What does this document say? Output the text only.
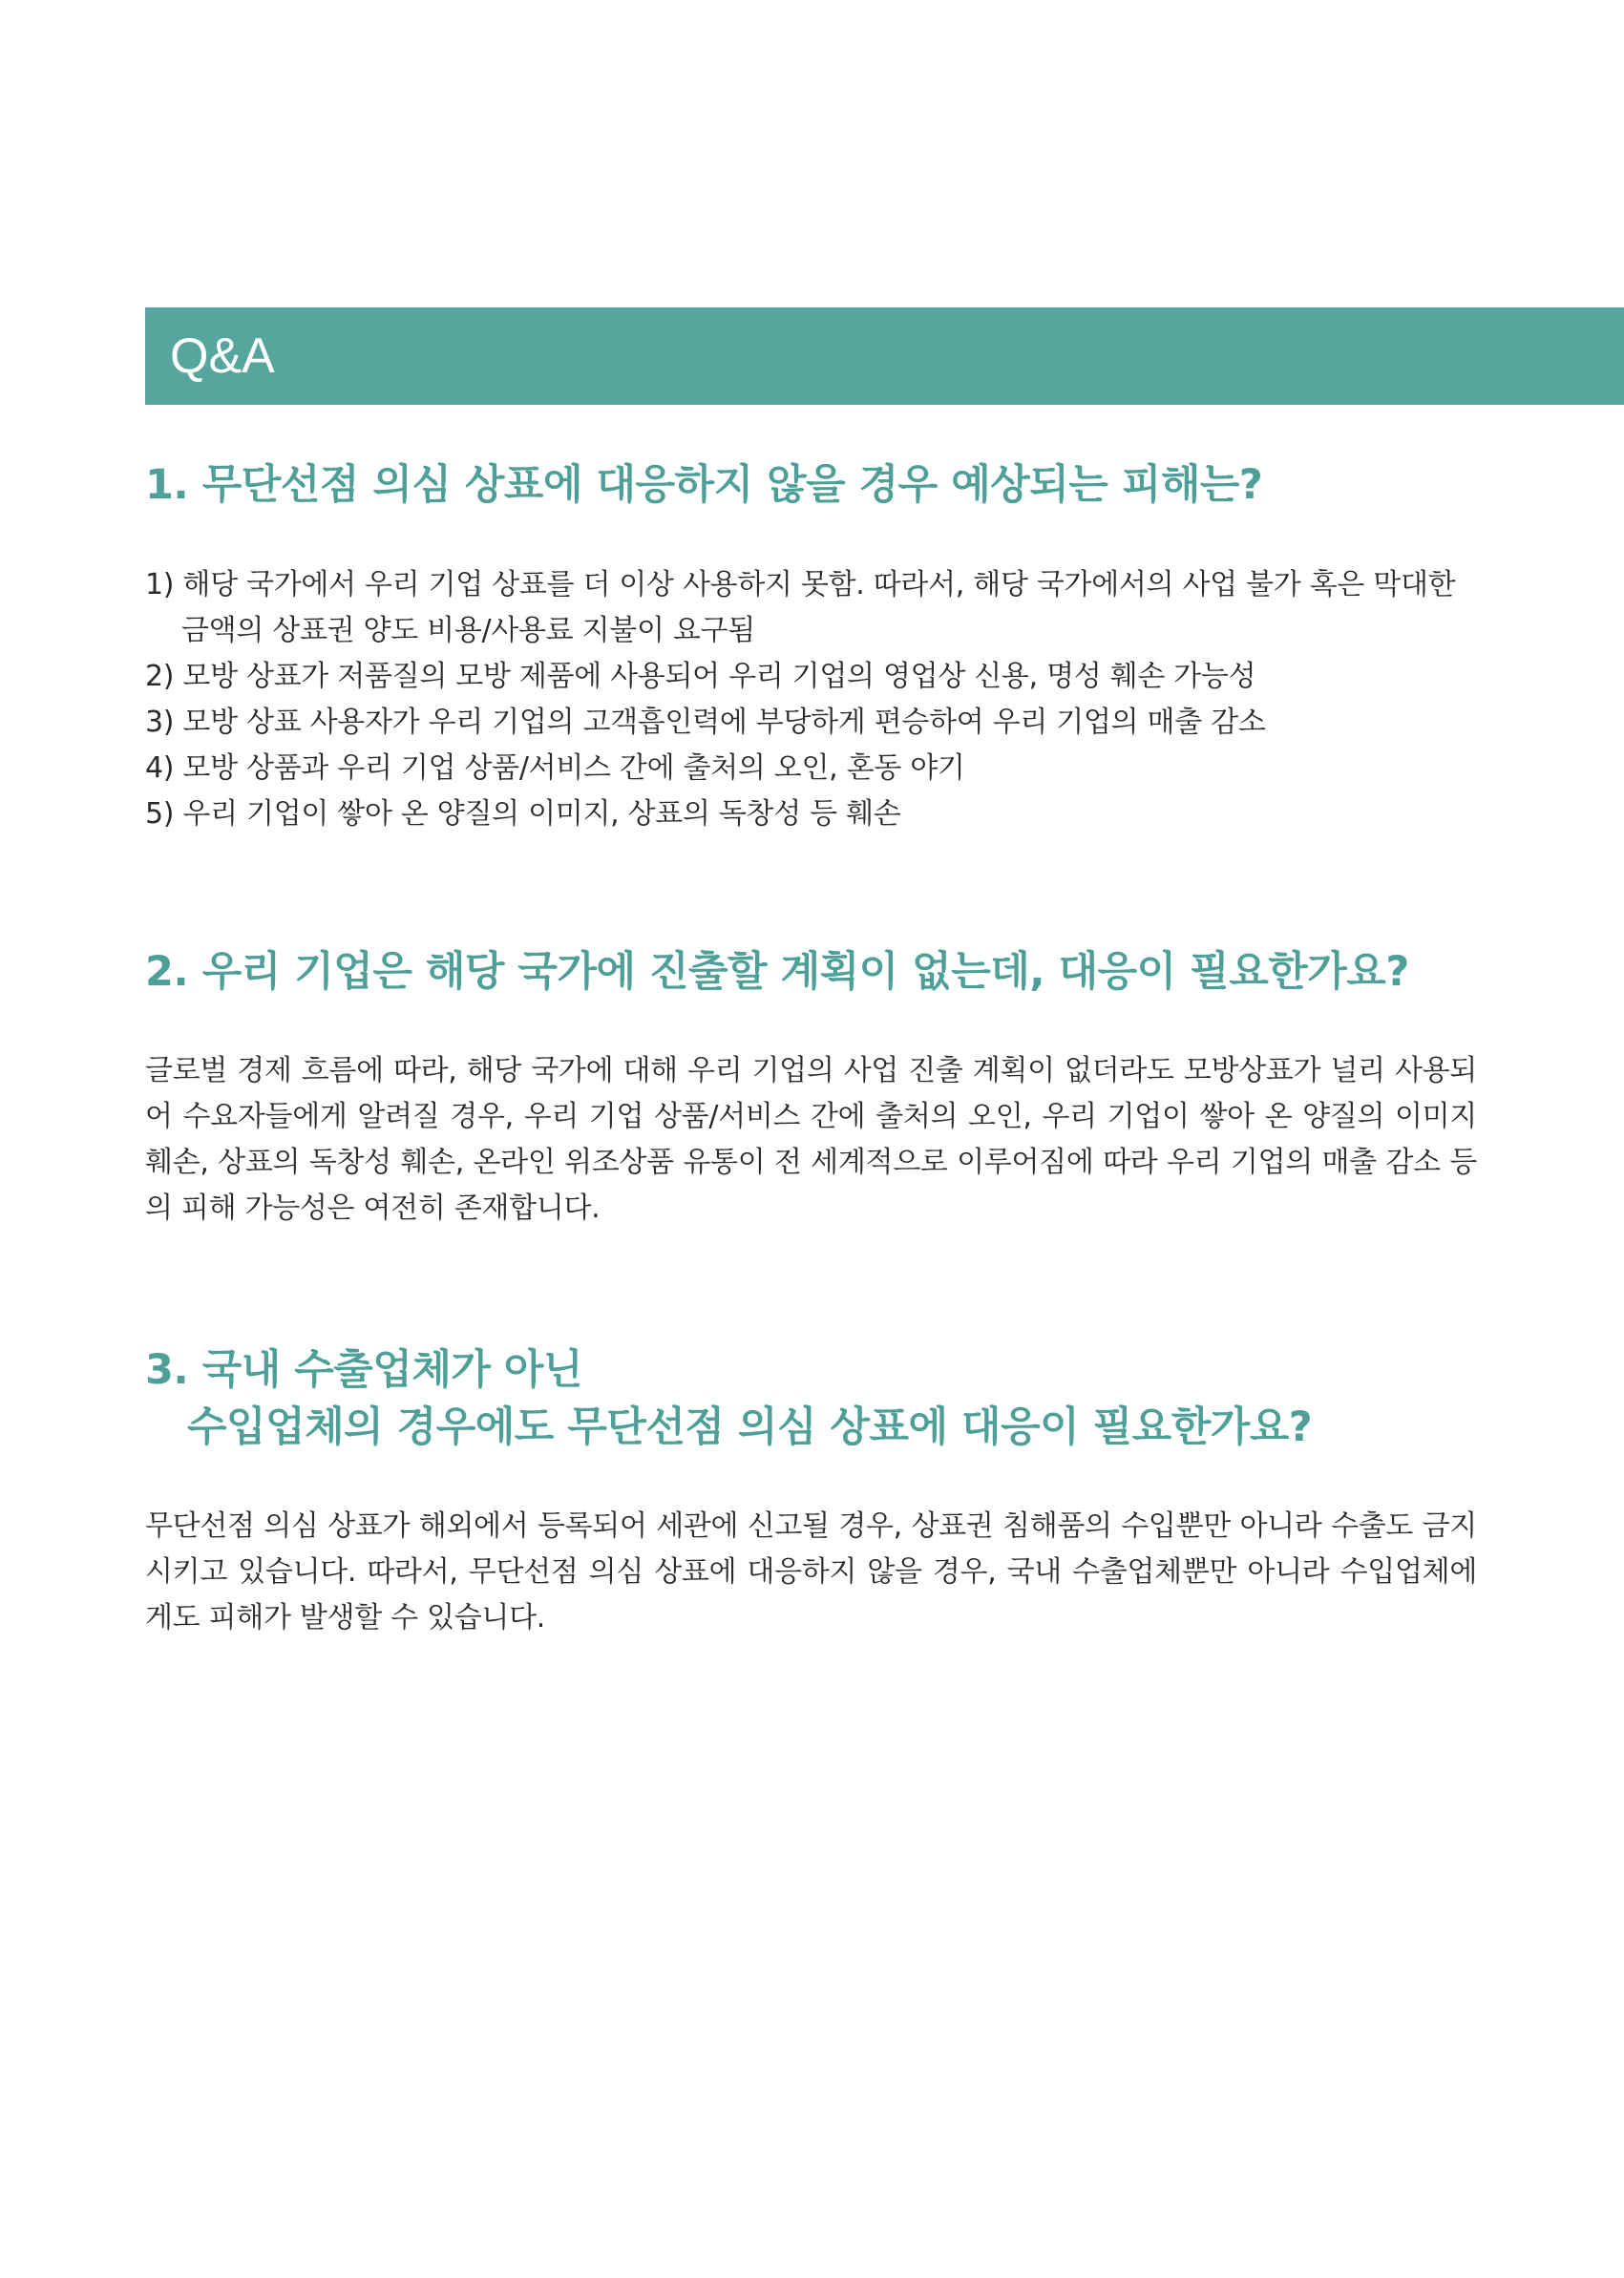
Q&A
1. 무단선점 의심 상표에 대응하지 않을 경우 예상되는 피해는?
1) 해당 국가에서 우리 기업 상표를 더 이상 사용하지 못함. 따라서, 해당 국가에서의 사업 불가 혹은 막대한
금액의 상표권 양도 비용/사용료 지불이 요구됨
2) 모방 상표가 저품질의 모방 제품에 사용되어 우리 기업의 영업상 신용, 명성 훼손 가능성
3) 모방 상표 사용자가 우리 기업의 고객흡인력에 부당하게 편승하여 우리 기업의 매출 감소
4) 모방 상품과 우리 기업 상품/서비스 간에 출처의 오인, 혼동 야기
5) 우리 기업이 쌓아 온 양질의 이미지, 상표의 독창성 등 훼손
2. 우리 기업은 해당 국가에 진출할 계획이 없는데, 대응이 필요한가요?

글로벌 경제 흐름에 따라, 해당 국가에 대해 우리 기업의 사업 진출 계획이 없더라도 모방상표가 널리 사용되어 수요자들에게 알려질 경우, 우리 기업 상품/서비스 간에 출처의 오인, 우리 기업이 쌓아 온 양질의 이미지 훼손, 상표의 독창성 훼손, 온라인 위조상품 유통이 전 세계적으로 이루어짐에 따라 우리 기업의 매출 감소 등의 피해 가능성은 여전히 존재합니다.

3. 국내 수출업체가 아닌
수입업체의 경우에도 무단선점 의심 상표에 대응이 필요한가요?

무단선점 의심 상표가 해외에서 등록되어 세관에 신고될 경우, 상표권 침해품의 수입뿐만 아니라 수출도 금지시키고 있습니다. 따라서, 무단선점 의심 상표에 대응하지 않을 경우, 국내 수출업체뿐만 아니라 수입업체에게도 피해가 발생할 수 있습니다.
